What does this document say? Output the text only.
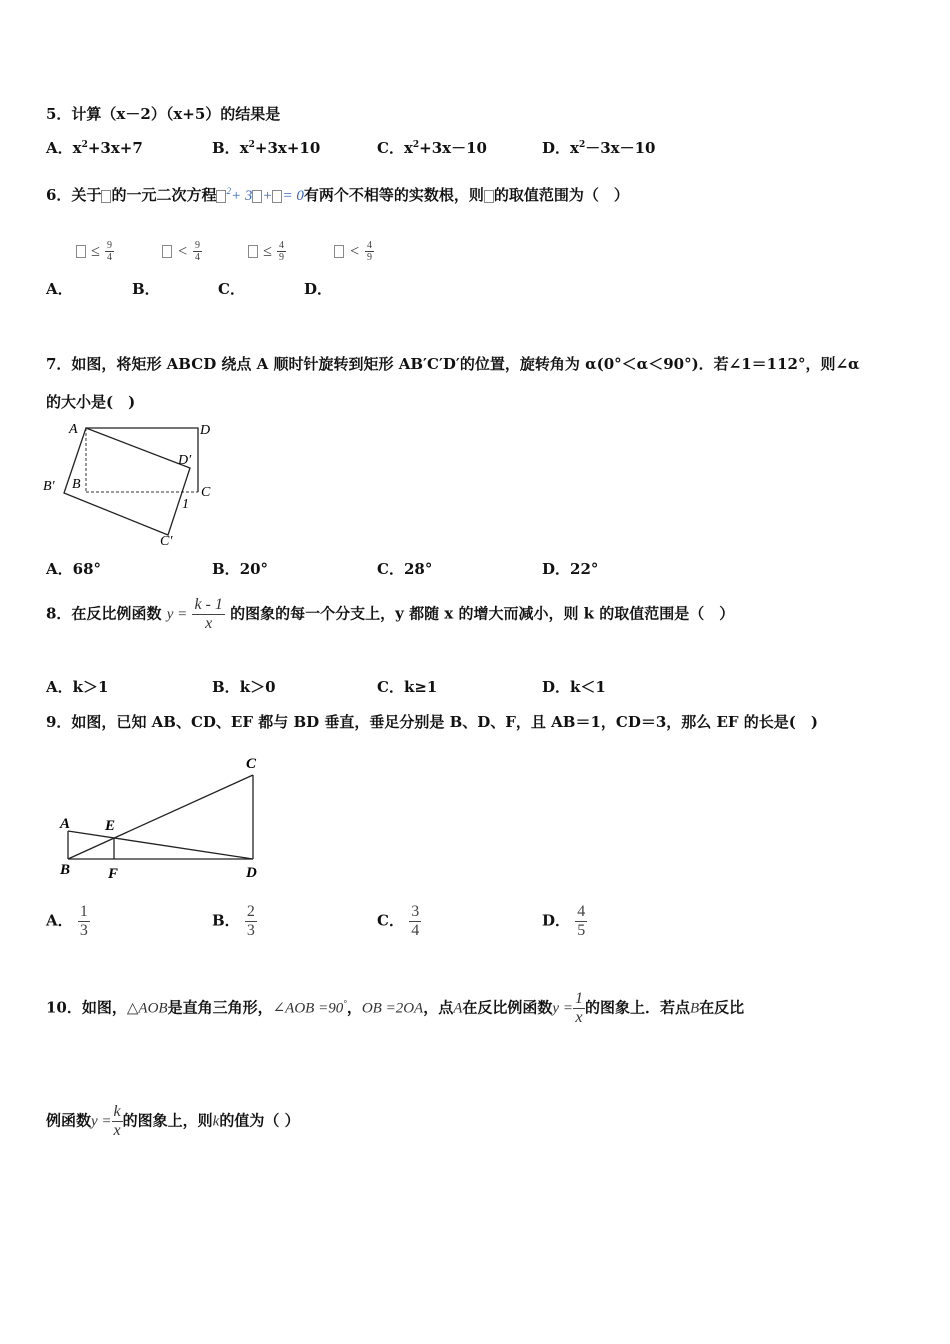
5．计算（x－2）（x+5）的结果是
A．$x^2+3x+7$	B．$x^2+3x+10$	C．$x^2+3x-10$	D．$x^2-3x-10$
6．关于 的一元二次方程 $^2$+ 3 + = 0有两个不相等的实数根，则 的取值范围为（　）
≤ $\frac{9}{4}$	< $\frac{9}{4}$	≤ $\frac{4}{9}$	< $\frac{4}{9}$
A．	B．	C．	D．
7．如图，将矩形 ABCD 绕点 A 顺时针旋转到矩形 AB′C′D′的位置，旋转角为 α(0°＜α＜90°)．若∠1＝112°，则∠α
的大小是(　)
A	D
D′
B′ B
C
1
C′
A．68°	B．20°	C．28°	D．22°
8．在反比例函数 $y = \frac{k - 1}{x}$ 的图象的每一个分支上，y 都随 x 的增大而减小，则 k 的取值范围是（　）
A．k＞1	B．k＞0	C．k≥1	D．k＜1
9．如图，已知 AB、CD、EF 都与 BD 垂直，垂足分别是 B、D、F，且 AB＝1，CD＝3，那么 EF 的长是(　)
A
B
C
D
E
F
A． $\frac{1}{3}$	B． $\frac{2}{3}$	C． $\frac{3}{4}$	D． $\frac{4}{5}$
10．如图，△AOB是直角三角形，∠AOB =90°，OB =2OA，点A在反比例函数$y = \frac{1}{x}$ 的图象上．若点B在反比
例函数$y = \frac{k}{x}$ 的图象上，则k的值为（ ）
